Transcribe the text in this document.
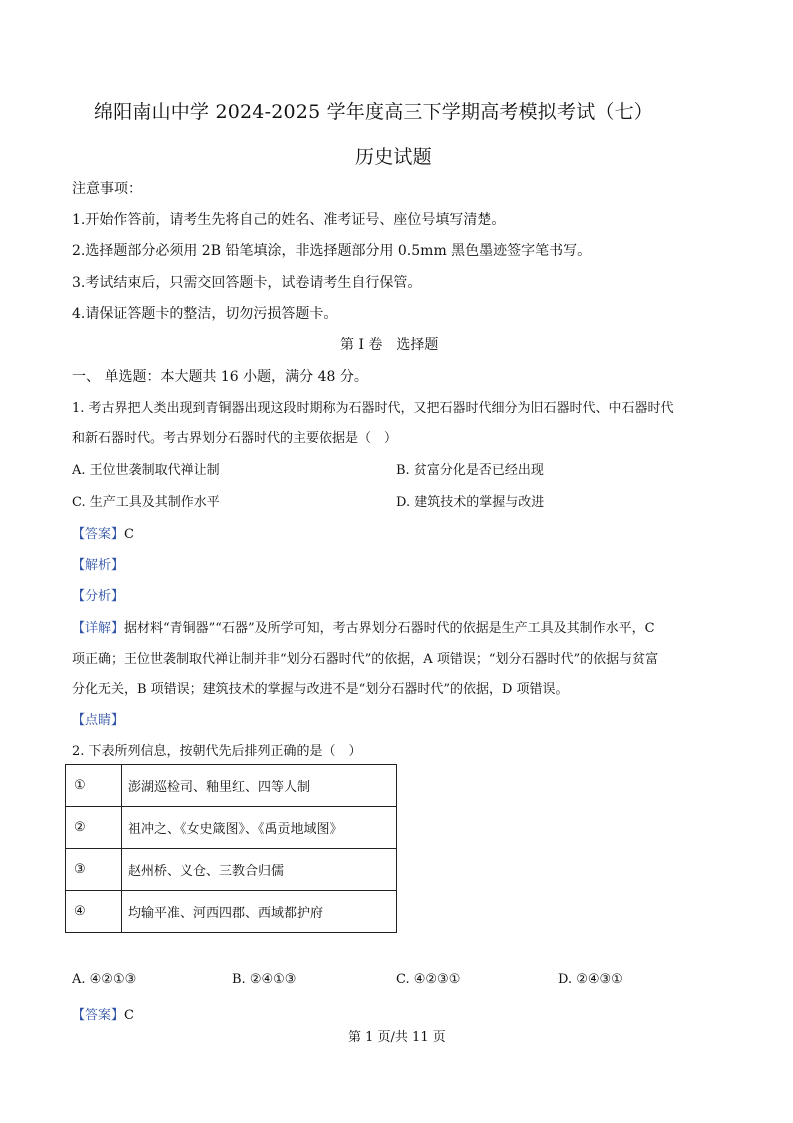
绵阳南山中学 2024-2025 学年度高三下学期高考模拟考试（七）
历史试题
注意事项：
1.开始作答前，请考生先将自己的姓名、准考证号、座位号填写清楚。
2.选择题部分必须用 2B 铅笔填涂，非选择题部分用 0.5mm 黑色墨迹签字笔书写。
3.考试结束后，只需交回答题卡，试卷请考生自行保管。
4.请保证答题卡的整洁，切勿污损答题卡。
第 I 卷　选择题
一、 单选题：本大题共 16 小题，满分 48 分。
1. 考古界把人类出现到青铜器出现这段时期称为石器时代，又把石器时代细分为旧石器时代、中石器时代
和新石器时代。考古界划分石器时代的主要依据是（　）
A. 王位世袭制取代禅让制	B. 贫富分化是否已经出现
C. 生产工具及其制作水平	D. 建筑技术的掌握与改进
【答案】C
【解析】
【分析】
【详解】据材料“青铜器”“石器”及所学可知，考古界划分石器时代的依据是生产工具及其制作水平，C
项正确；王位世袭制取代禅让制并非“划分石器时代”的依据，A 项错误；“划分石器时代”的依据与贫富
分化无关，B 项错误；建筑技术的掌握与改进不是“划分石器时代”的依据，D 项错误。
【点睛】
2. 下表所列信息，按朝代先后排列正确的是（　）
①	澎湖巡检司、釉里红、四等人制
②	祖冲之、《女史箴图》、《禹贡地域图》
③	赵州桥、义仓、三教合归儒
④	均输平准、河西四郡、西域都护府
A. ④②①③	B. ②④①③	C. ④②③①	D. ②④③①
【答案】C
第 1 页/共 11 页
